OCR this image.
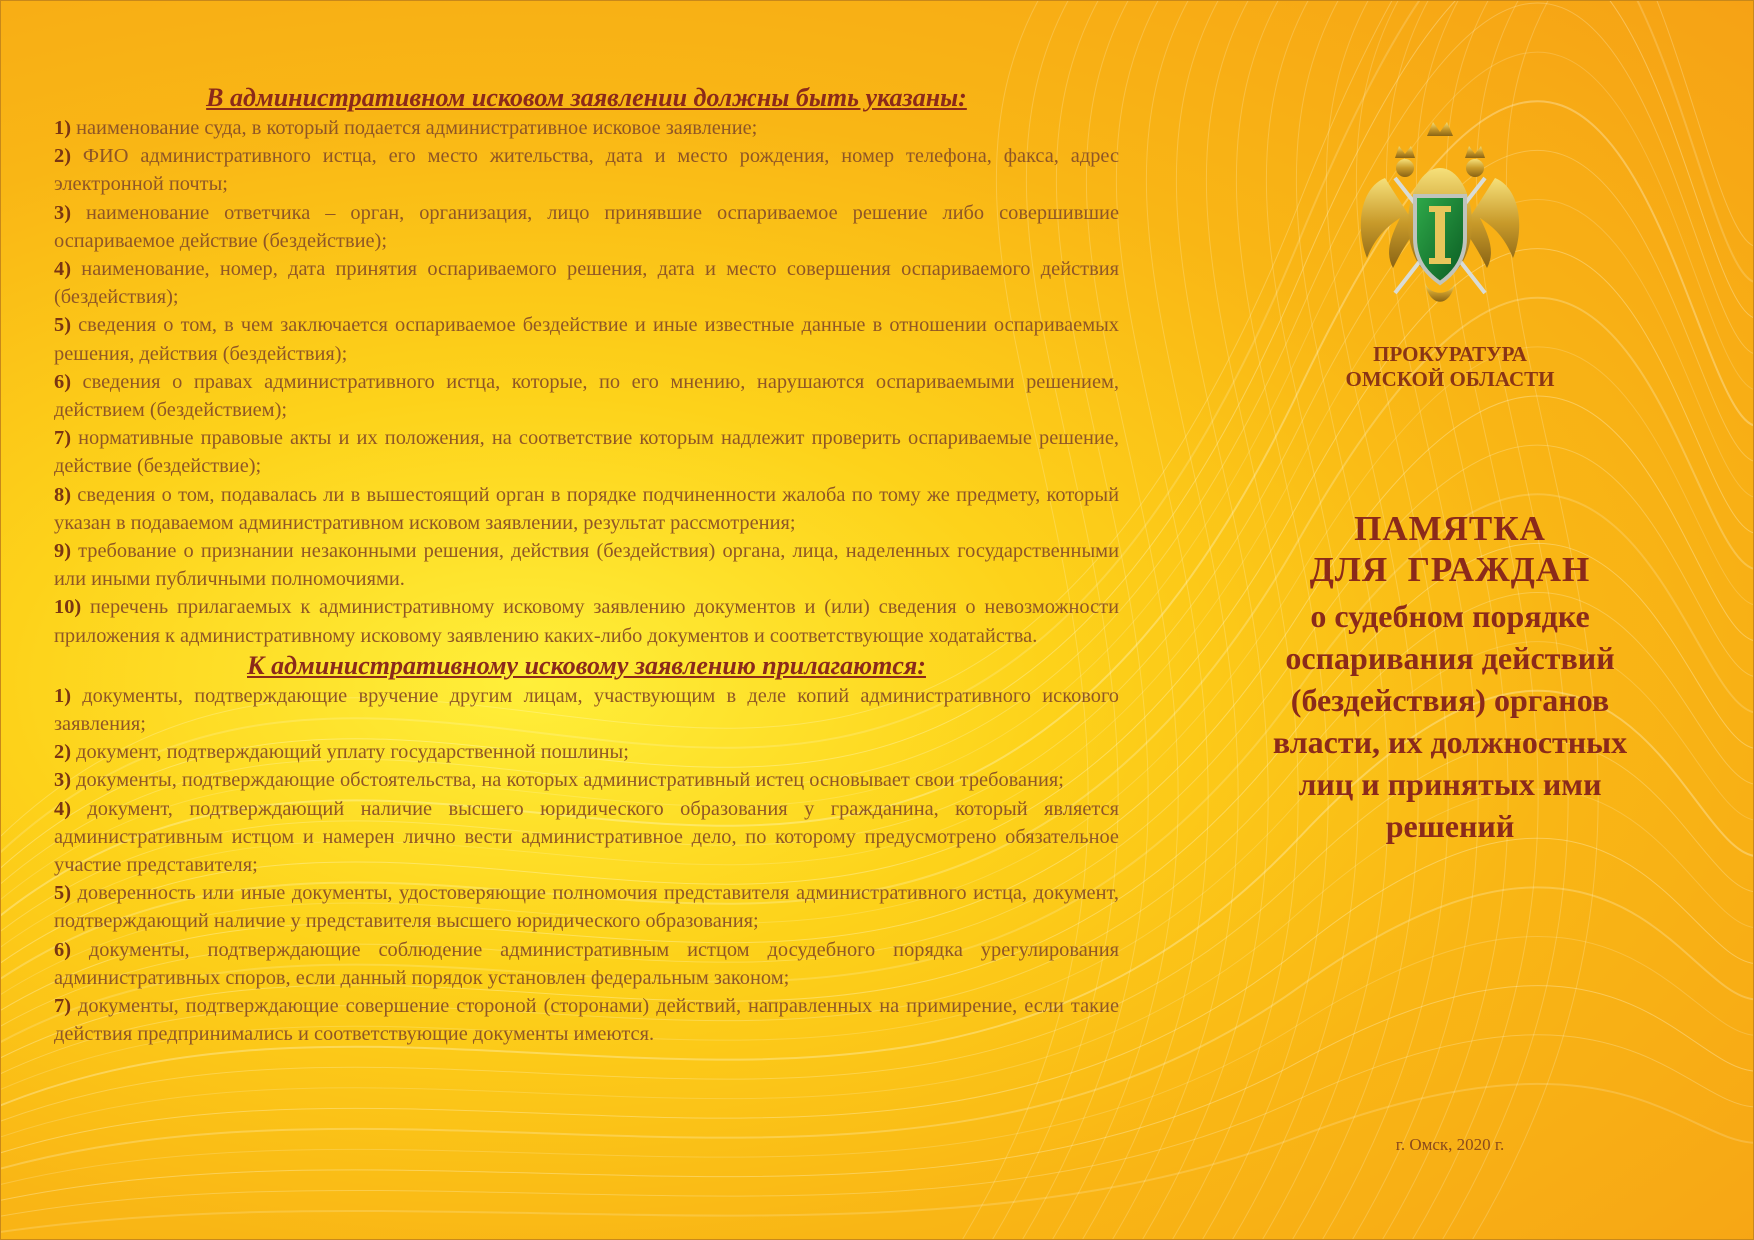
В административном исковом заявлении должны быть указаны:

1) наименование суда, в который подается административное исковое заявление;

2) ФИО административного истца, его место жительства, дата и место рождения, номер телефона, факса, адрес электронной почты;

3) наименование ответчика – орган, организация, лицо принявшие оспариваемое решение либо совершившие оспариваемое действие (бездействие);

4) наименование, номер, дата принятия оспариваемого решения, дата и место совершения оспариваемого действия (бездействия);

5) сведения о том, в чем заключается оспариваемое бездействие и иные известные данные в отношении оспариваемых решения, действия (бездействия);

6) сведения о правах административного истца, которые, по его мнению, нарушаются оспариваемыми решением, действием (бездействием);

7) нормативные правовые акты и их положения, на соответствие которым надлежит проверить оспариваемые решение, действие (бездействие);

8) сведения о том, подавалась ли в вышестоящий орган в порядке подчиненности жалоба по тому же предмету, который указан в подаваемом административном исковом заявлении, результат рассмотрения;

9) требование о признании незаконными решения, действия (бездействия) органа, лица, наделенных государственными или иными публичными полномочиями.

10) перечень прилагаемых к административному исковому заявлению документов и (или) сведения о невозможности приложения к административному исковому заявлению каких-либо документов и соответствующие ходатайства.

К административному исковому заявлению прилагаются:

1) документы, подтверждающие вручение другим лицам, участвующим в деле копий административного искового заявления;

2) документ, подтверждающий уплату государственной пошлины;

3) документы, подтверждающие обстоятельства, на которых административный истец основывает свои требования;

4) документ, подтверждающий наличие высшего юридического образования у гражданина, который является административным истцом и намерен лично вести административное дело, по которому предусмотрено обязательное участие представителя;

5) доверенность или иные документы, удостоверяющие полномочия представителя административного истца, документ, подтверждающий наличие у представителя высшего юридического образования;

6) документы, подтверждающие соблюдение административным истцом досудебного порядка урегулирования административных споров, если данный порядок установлен федеральным законом;

7) документы, подтверждающие совершение стороной (сторонами) действий, направленных на примирение, если такие действия предпринимались и соответствующие документы имеются.

ПРОКУРАТУРА
ОМСКОЙ ОБЛАСТИ
ПАМЯТКА
ДЛЯ  ГРАЖДАН
о судебном порядке
оспаривания действий
(бездействия) органов
власти, их должностных
лиц и принятых ими
решений
г. Омск, 2020 г.
